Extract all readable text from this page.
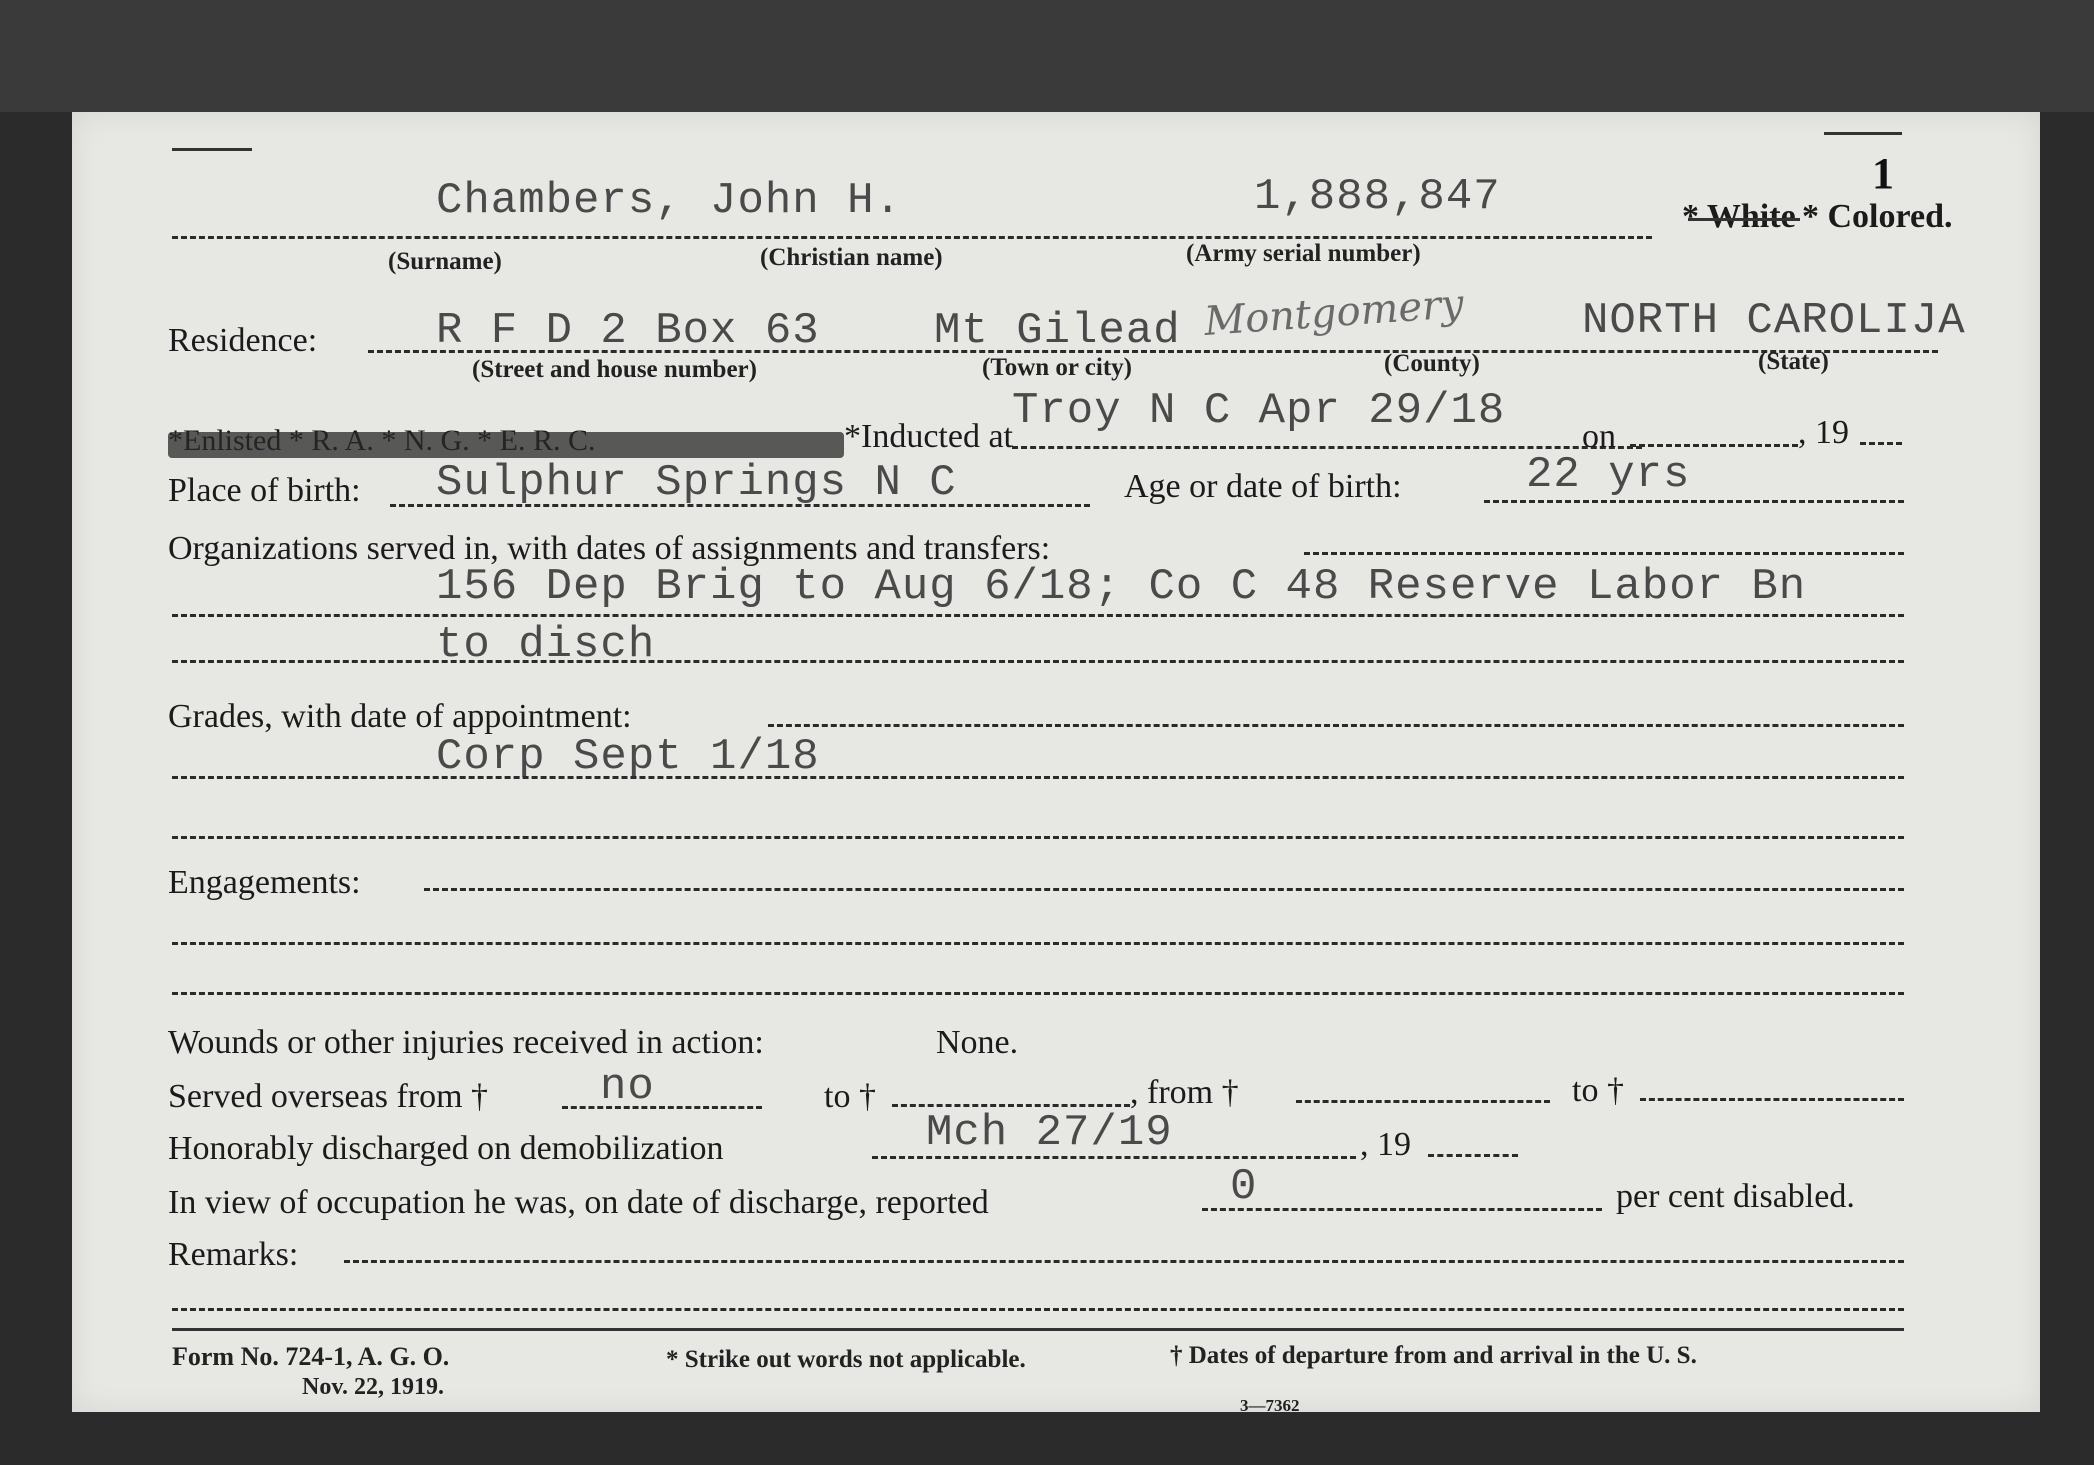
1
Chambers, John H.	1,888,847	* White * Colored.
(Surname)	(Christian name)	(Army serial number)
Residence:	R F D 2 Box 63	Mt Gilead Montgomery	NORTH CAROLIJA
(Street and house number)	(Town or city)	(County)	(State)
*Inducted at
Troy N C Apr 29/18
on	, 19
Place of birth: Sulphur Springs N C	Age or date of birth:	22 yrs
Organizations served in, with dates of assignments and transfers:
156 Dep Brig to Aug 6/18; Co C 48 Reserve Labor Bn
to disch
Grades, with date of appointment:
Corp Sept 1/18
Engagements:
Wounds or other injuries received in action:	None.
Served overseas from †	no	to †	, from †	to †
Honorably discharged on demobilization	Mch 27/19	, 19
In view of occupation he was, on date of discharge, reported	0	per cent disabled.
Remarks:
Form No. 724-1, A. G. O.
Nov. 22, 1919.
* Strike out words not applicable.	† Dates of departure from and arrival in the U. S.
3—7362
